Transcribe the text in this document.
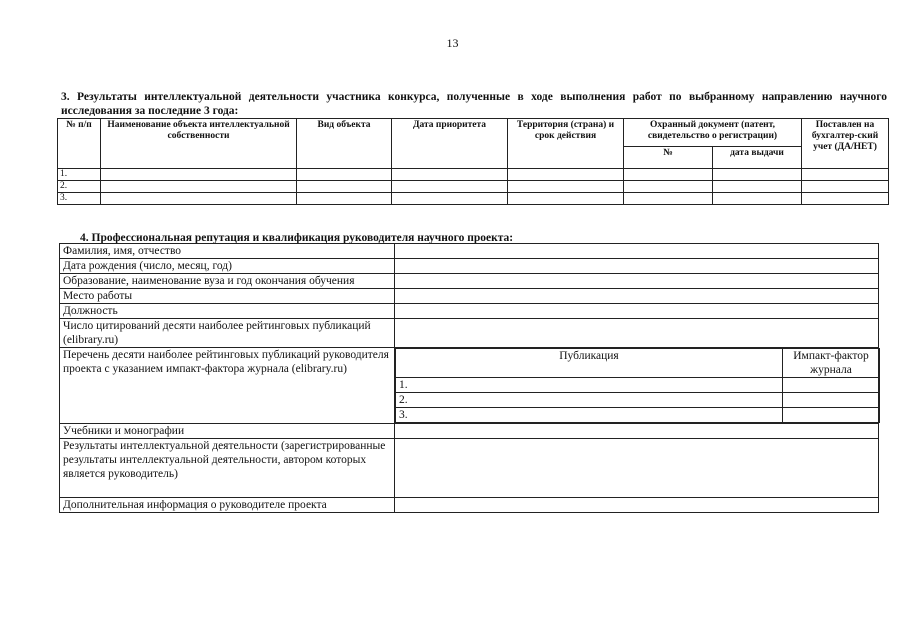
13
3. Результаты интеллектуальной деятельности участника конкурса, полученные в ходе выполнения работ по выбранному направлению научного исследования за последние 3 года:
№ п/п	Наименование объекта интеллектуальной собственности	Вид объекта	Дата приоритета	Территория (страна) и срок действия	Охранный документ (патент, свидетельство о регистрации)		Поставлен на бухгалтер-ский учет (ДА/НЕТ)
					№	дата выдачи	
1.							
2.							
3.							
4. Профессиональная репутация и квалификация руководителя научного проекта:
Фамилия, имя, отчество	
Дата рождения (число, месяц, год)	
Образование, наименование вуза и год окончания обучения	
Место работы	
Должность	
Число цитирований десяти наиболее рейтинговых публикаций (elibrary.ru)	
Перечень десяти наиболее рейтинговых публикаций руководителя проекта с указанием импакт-фактора журнала (elibrary.ru)	
Публикация	Импакт-фактор журнала
1.	
2.	
3.	

Учебники и монографии	
Результаты интеллектуальной деятельности (зарегистрированные результаты интеллектуальной деятельности, автором которых является руководитель)	
Дополнительная информация о руководителе проекта	
